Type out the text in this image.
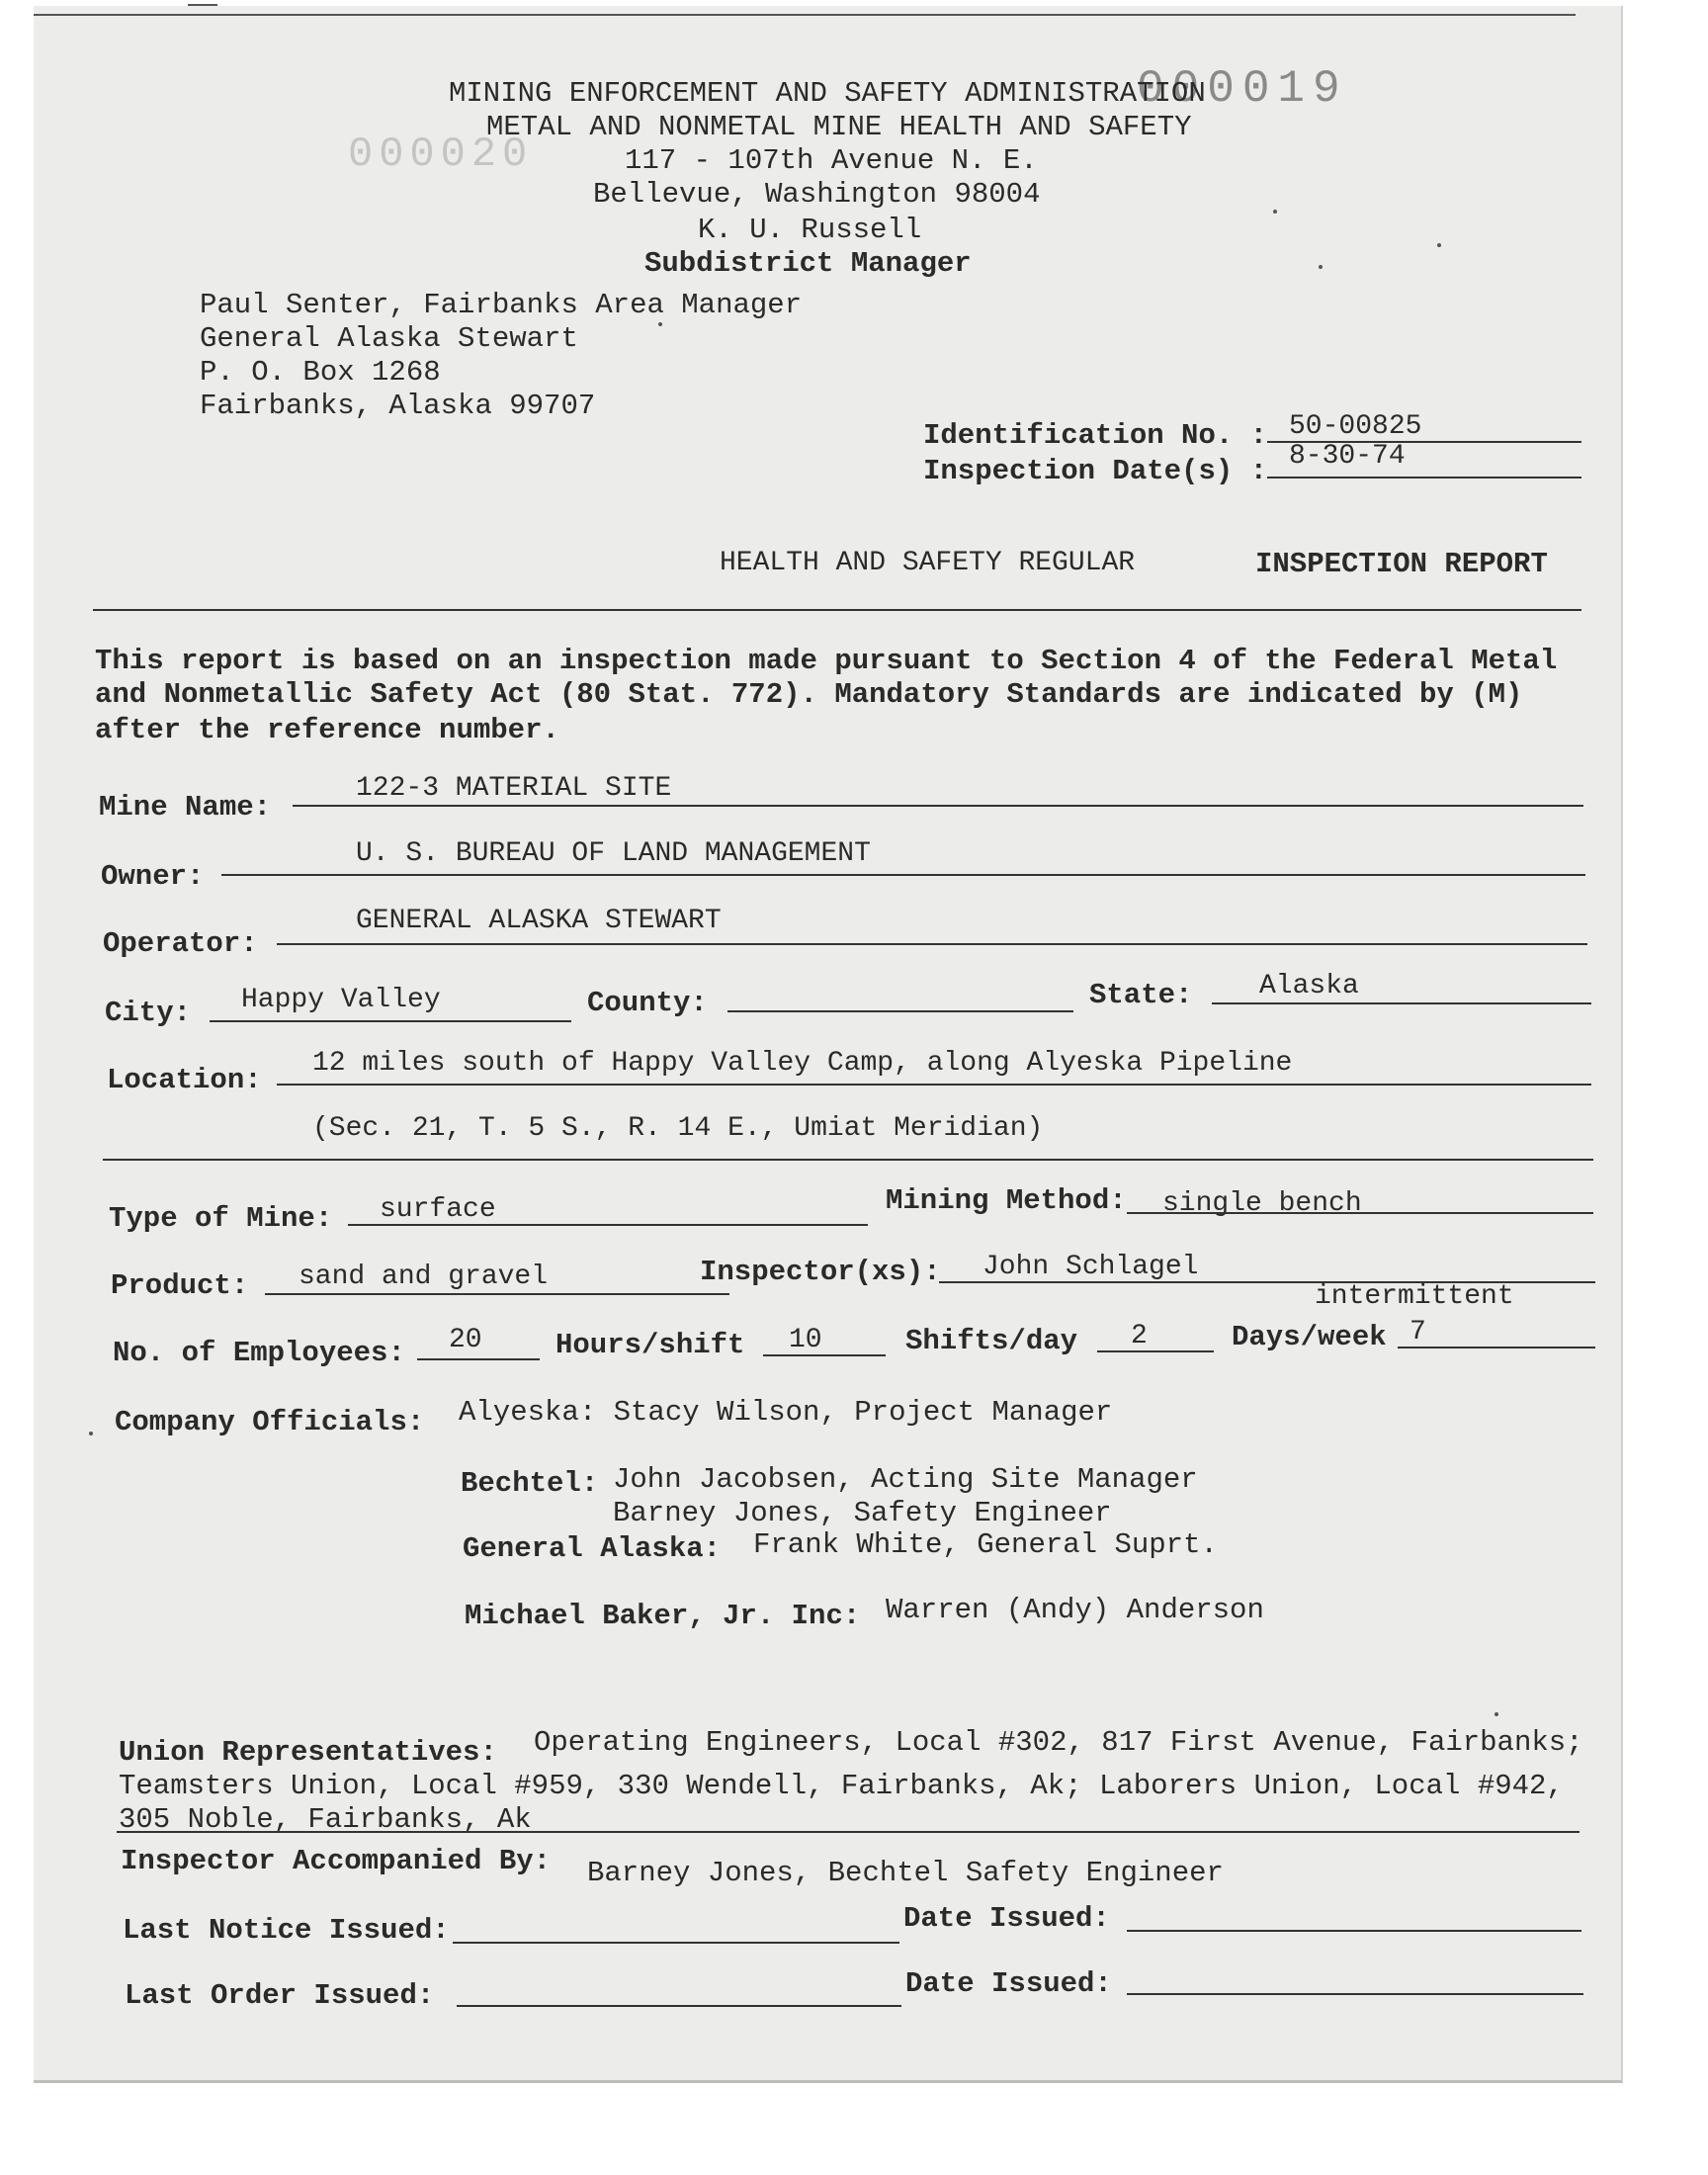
000020
000019
MINING ENFORCEMENT AND SAFETY ADMINISTRATION
METAL AND NONMETAL MINE HEALTH AND SAFETY
117 - 107th Avenue N. E.
Bellevue, Washington 98004
K. U. Russell
Subdistrict Manager
Paul Senter, Fairbanks Area Manager
General Alaska Stewart
P. O. Box 1268
Fairbanks, Alaska 99707
Identification No. : 50-00825
Inspection Date(s) : 8-30-74
HEALTH AND SAFETY REGULAR	INSPECTION REPORT
This report is based on an inspection made pursuant to Section 4 of the Federal Metal
and Nonmetallic Safety Act (80 Stat. 772). Mandatory Standards are indicated by (M)
after the reference number.
Mine Name:
122-3 MATERIAL SITE
Owner:
U. S. BUREAU OF LAND MANAGEMENT
Operator:
GENERAL ALASKA STEWART
City: Happy Valley	County:	State: Alaska
Location:
12 miles south of Happy Valley Camp, along Alyeska Pipeline
(Sec. 21, T. 5 S., R. 14 E., Umiat Meridian)
Type of Mine: surface	Mining Method: single bench
Product: sand and gravel	Inspector(xs): John Schlagel
intermittent
No. of Employees: 20	Hours/shift 10	Shifts/day 2	Days/week 7
Company Officials: Alyeska: Stacy Wilson, Project Manager
Bechtel: John Jacobsen, Acting Site Manager
Barney Jones, Safety Engineer
General Alaska: Frank White, General Suprt.
Michael Baker, Jr. Inc: Warren (Andy) Anderson
Union Representatives: Operating Engineers, Local #302, 817 First Avenue, Fairbanks;
Teamsters Union, Local #959, 330 Wendell, Fairbanks, Ak; Laborers Union, Local #942,
305 Noble, Fairbanks, Ak
Inspector Accompanied By: Barney Jones, Bechtel Safety Engineer
Last Notice Issued:	Date Issued:
Last Order Issued:	Date Issued:
